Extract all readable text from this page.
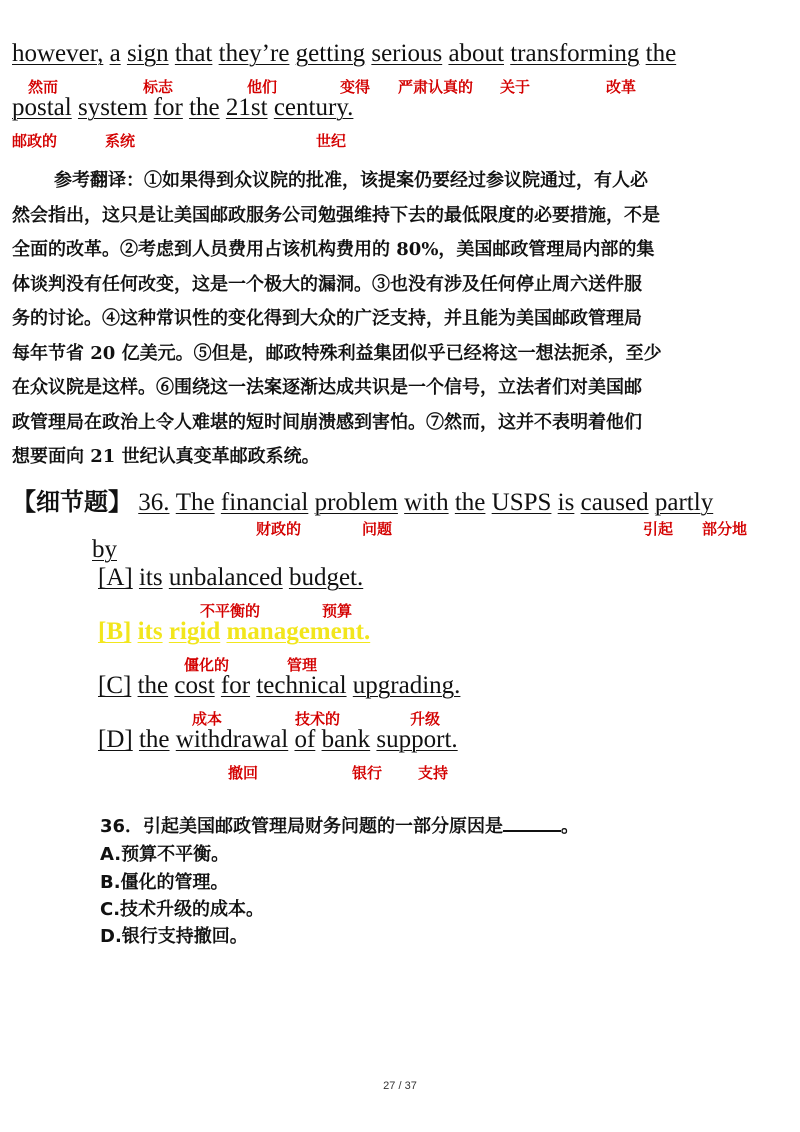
however, a sign that they’re getting serious about transforming the
然而	标志	他们	变得 严肃认真的 关于	改革
postal system for the 21st century.
邮政的	系统	世纪
参考翻译：①如果得到众议院的批准，该提案仍要经过参议院通过，有人必
然会指出，这只是让美国邮政服务公司勉强维持下去的最低限度的必要措施，不是
全面的改革。②考虑到人员费用占该机构费用的 80%，美国邮政管理局内部的集
体谈判没有任何改变，这是一个极大的漏洞。③也没有涉及任何停止周六送件服
务的讨论。④这种常识性的变化得到大众的广泛支持，并且能为美国邮政管理局
每年节省 20 亿美元。⑤但是，邮政特殊利益集团似乎已经将这一想法扼杀，至少
在众议院是这样。⑥围绕这一法案逐渐达成共识是一个信号，立法者们对美国邮
政管理局在政治上令人难堪的短时间崩溃感到害怕。⑦然而，这并不表明着他们
想要面向 21 世纪认真变革邮政系统。
【细节题】 36. The financial problem with the USPS is caused partly
财政的	问题	引起 部分地
by
[A] its unbalanced budget.
不平衡的	预算
[B] its rigid management.
僵化的	管理
[C] the cost for technical upgrading.
成本	技术的	升级
[D] the withdrawal of bank support.
撤回	银行 支持
36．引起美国邮政管理局财务问题的一部分原因是	。
A.预算不平衡。
B.僵化的管理。
C.技术升级的成本。
D.银行支持撤回。
27 / 37
